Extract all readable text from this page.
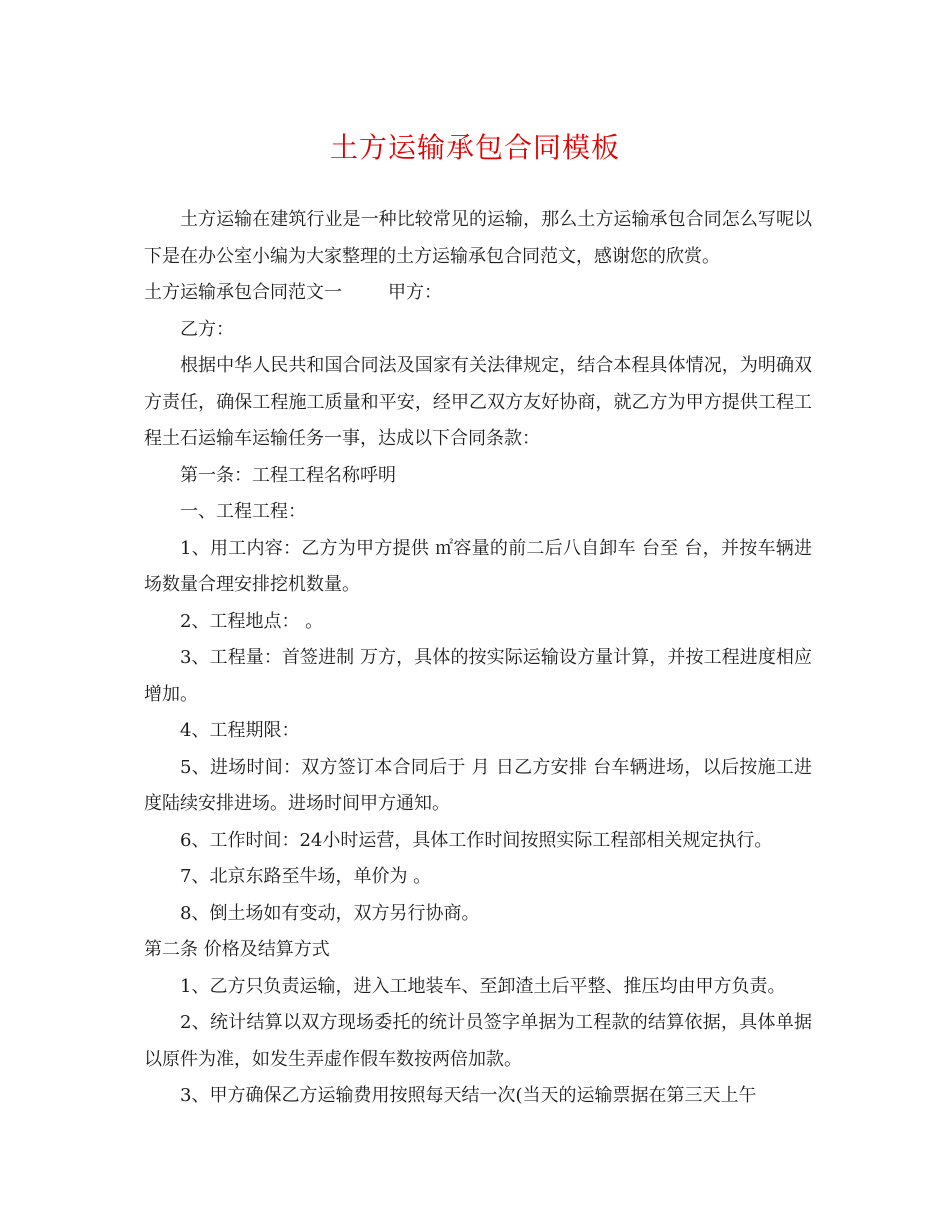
土方运输承包合同模板

土方运输在建筑行业是一种比较常见的运输，那么土方运输承包合同怎么写呢以下是在办公室小编为大家整理的土方运输承包合同范文，感谢您的欣赏。

土方运输承包合同范文一	甲方：

乙方：

根据中华人民共和国合同法及国家有关法律规定，结合本程具体情况，为明确双方责任，确保工程施工质量和平安，经甲乙双方友好协商，就乙方为甲方提供工程工程土石运输车运输任务一事，达成以下合同条款：

第一条：工程工程名称呼明

一、工程工程：

1、用工内容：乙方为甲方提供 ㎡容量的前二后八自卸车 台至 台，并按车辆进场数量合理安排挖机数量。

2、工程地点： 。

3、工程量：首签进制 万方，具体的按实际运输设方量计算，并按工程进度相应增加。

4、工程期限：

5、进场时间：双方签订本合同后于 月 日乙方安排 台车辆进场，以后按施工进度陆续安排进场。进场时间甲方通知。

6、工作时间：24小时运营，具体工作时间按照实际工程部相关规定执行。

7、北京东路至牛场，单价为 。

8、倒土场如有变动，双方另行协商。

第二条 价格及结算方式

1、乙方只负责运输，进入工地装车、至卸渣土后平整、推压均由甲方负责。

2、统计结算以双方现场委托的统计员签字单据为工程款的结算依据，具体单据以原件为准，如发生弄虚作假车数按两倍加款。

3、甲方确保乙方运输费用按照每天结一次(当天的运输票据在第三天上午
